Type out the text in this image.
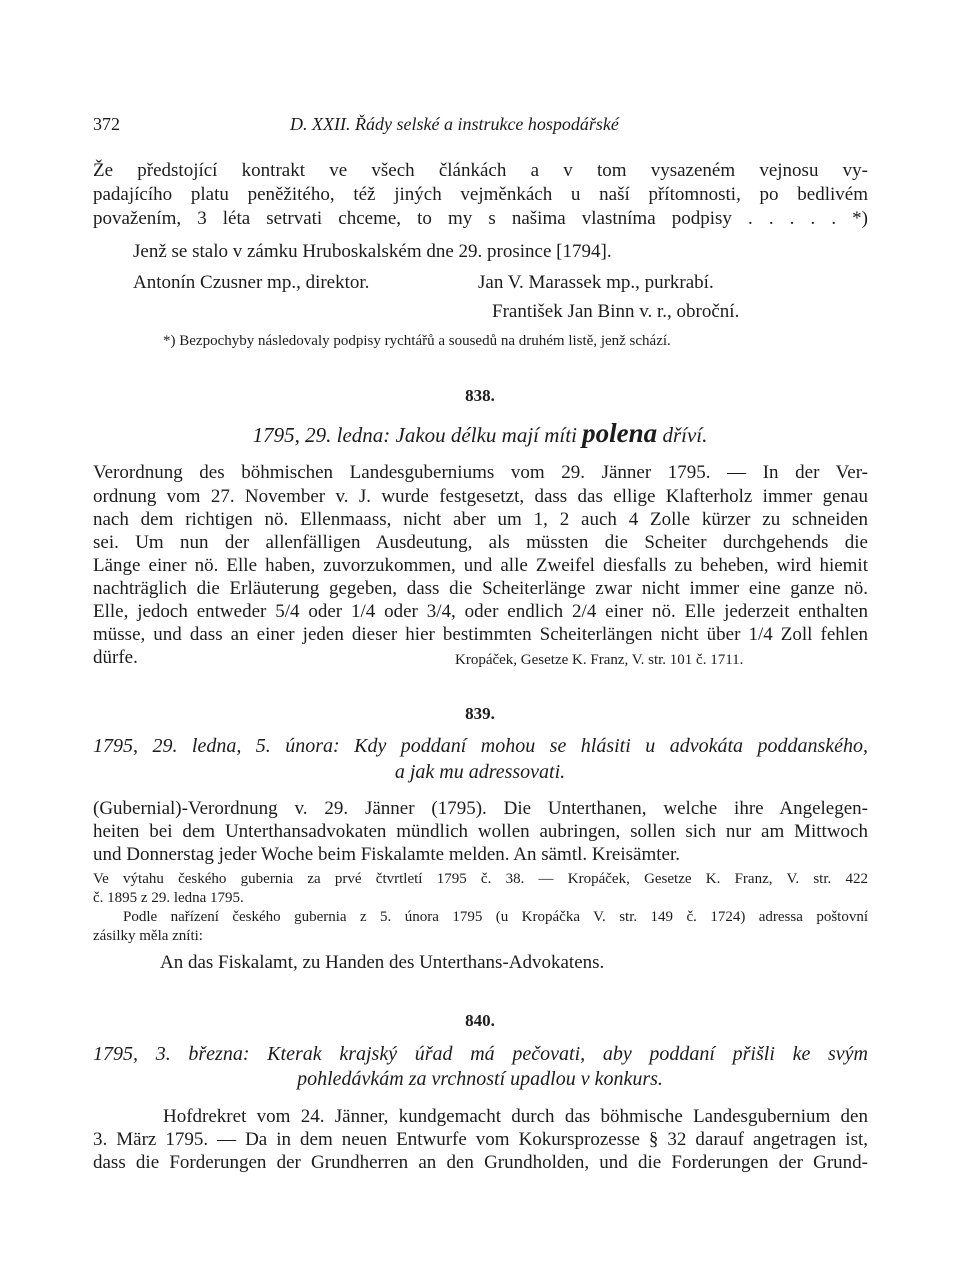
372	D. XXII. Řády selské a instrukce hospodářské
Že předstojící kontrakt ve všech článkách a v tom vysazeném vejnosu vy-
padajícího platu peněžitého, též jiných vejměnkách u naší přítomnosti, po bedlivém
považením, 3 léta setrvati chceme, to my s našima vlastníma podpisy . . . . . *)
Jenž se stalo v zámku Hruboskalském dne 29. prosince [1794].
Antonín Czusner mp., direktor.	Jan V. Marassek mp., purkrabí.
František Jan Binn v. r., obroční.
*) Bezpochyby následovaly podpisy rychtářů a sousedů na druhém listě, jenž schází.
838.
1795, 29. ledna: Jakou délku mají míti polena dříví.
Verordnung des böhmischen Landesguberniums vom 29. Jänner 1795. — In der Ver-
ordnung vom 27. November v. J. wurde festgesetzt, dass das ellige Klafterholz immer genau
nach dem richtigen nö. Ellenmaass, nicht aber um 1, 2 auch 4 Zolle kürzer zu schneiden
sei. Um nun der allenfälligen Ausdeutung, als müssten die Scheiter durchgehends die
Länge einer nö. Elle haben, zuvorzukommen, und alle Zweifel diesfalls zu beheben, wird hiemit
nachträglich die Erläuterung gegeben, dass die Scheiterlänge zwar nicht immer eine ganze nö.
Elle, jedoch entweder 5/4 oder 1/4 oder 3/4, oder endlich 2/4 einer nö. Elle jederzeit enthalten
müsse, und dass an einer jeden dieser hier bestimmten Scheiterlängen nicht über 1/4 Zoll fehlen
dürfe.	Kropáček, Gesetze K. Franz, V. str. 101 č. 1711.
839.
1795, 29. ledna, 5. února: Kdy poddaní mohou se hlásiti u advokáta poddanského,
a jak mu adressovati.
(Gubernial)-Verordnung v. 29. Jänner (1795). Die Unterthanen, welche ihre Angelegen-
heiten bei dem Unterthansadvokaten mündlich wollen aubringen, sollen sich nur am Mittwoch
und Donnerstag jeder Woche beim Fiskalamte melden. An sämtl. Kreisämter.
Ve výtahu českého gubernia za prvé čtvrtletí 1795 č. 38. — Kropáček, Gesetze K. Franz, V. str. 422
č. 1895 z 29. ledna 1795.
Podle nařízení českého gubernia z 5. února 1795 (u Kropáčka V. str. 149 č. 1724) adressa poštovní
zásilky měla zníti:
An das Fiskalamt, zu Handen des Unterthans-Advokatens.
840.
1795, 3. března: Kterak krajský úřad má pečovati, aby poddaní přišli ke svým
pohledávkám za vrchností upadlou v konkurs.
Hofdrekret vom 24. Jänner, kundgemacht durch das böhmische Landesgubernium den
3. März 1795. — Da in dem neuen Entwurfe vom Kokursprozesse § 32 darauf angetragen ist,
dass die Forderungen der Grundherren an den Grundholden, und die Forderungen der Grund-
